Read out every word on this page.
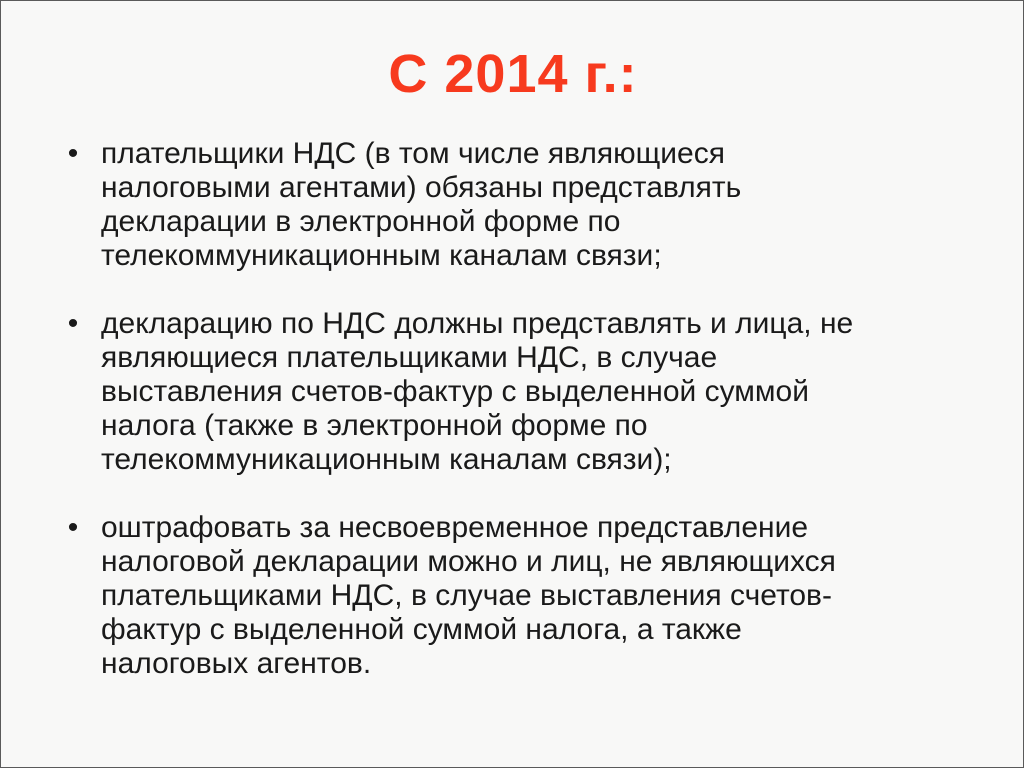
С 2014 г.:
• плательщики НДС (в том числе являющиеся
налоговыми агентами) обязаны представлять
декларации в электронной форме по
телекоммуникационным каналам связи;
• декларацию по НДС должны представлять и лица, не
являющиеся плательщиками НДС, в случае
выставления счетов-фактур с выделенной суммой
налога (также в электронной форме по
телекоммуникационным каналам связи);
• оштрафовать за несвоевременное представление
налоговой декларации можно и лиц, не являющихся
плательщиками НДС, в случае выставления счетов-
фактур с выделенной суммой налога, а также
налоговых агентов.
